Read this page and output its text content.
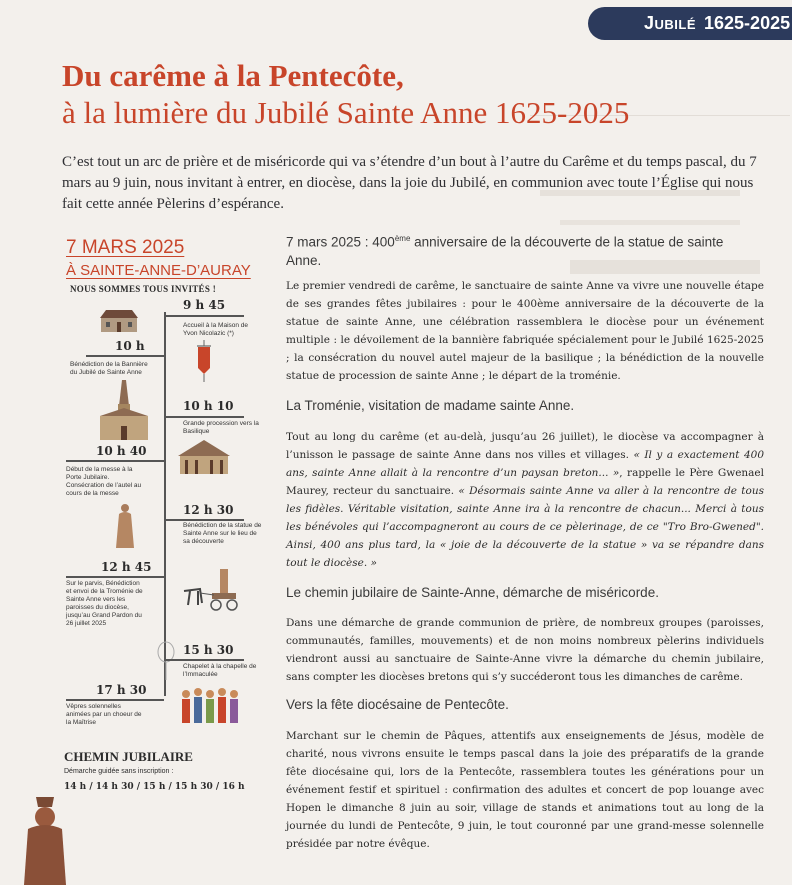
Jubilé 1625-2025
Du carême à la Pentecôte,
à la lumière du Jubilé Sainte Anne 1625-2025
C’est tout un arc de prière et de miséricorde qui va s’étendre d’un bout à l’autre du Carême et du temps pascal, du 7 mars au 9 juin, nous invitant à entrer, en diocèse, dans la joie du Jubilé, en communion avec toute l’Église qui nous fait cette année Pèlerins d’espérance.
7 MARS 2025
À SAINTE-ANNE-D’AURAY
NOUS SOMMES TOUS INVITÉS !
9 h 45
Accueil à la Maison de Yvon Nicolazic (*)
10 h
Bénédiction de la Bannière du Jubilé de Sainte Anne
10 h 10
Grande procession vers la Basilique
10 h 40
Début de la messe à la Porte Jubilaire. Consécration de l’autel au cours de la messe
12 h 30
Bénédiction de la statue de Sainte Anne sur le lieu de sa découverte
12 h 45
Sur le parvis, Bénédiction et envoi de la Troménie de Sainte Anne vers les paroisses du diocèse, jusqu’au Grand Pardon du 26 juillet 2025
15 h 30
Chapelet à la chapelle de l’Immaculée
17 h 30
Vêpres solennelles animées par un choeur de la Maîtrise
CHEMIN JUBILAIRE
Démarche guidée sans inscription :
14 h / 14 h 30 / 15 h / 15 h 30 / 16 h
7 mars 2025 : 400ème anniversaire de la découverte de la statue de sainte Anne.
Le premier vendredi de carême, le sanctuaire de sainte Anne va vivre une nouvelle étape de ses grandes fêtes jubilaires : pour le 400ème anniversaire de la découverte de la statue de sainte Anne, une célébration rassemblera le diocèse pour un événement multiple : le dévoilement de la bannière fabriquée spécialement pour le Jubilé 1625-2025 ; la consécration du nouvel autel majeur de la basilique ; la bénédiction de la nouvelle statue de procession de sainte Anne ; le départ de la troménie.
La Troménie, visitation de madame sainte Anne.
Tout au long du carême (et au-delà, jusqu’au 26 juillet), le diocèse va accompagner à l’unisson le passage de sainte Anne dans nos villes et villages. « Il y a exactement 400 ans, sainte Anne allait à la rencontre d’un paysan breton... », rappelle le Père Gwenael Maurey, recteur du sanctuaire. « Désormais sainte Anne va aller à la rencontre de tous les fidèles. Véritable visitation, sainte Anne ira à la rencontre de chacun... Merci à tous les bénévoles qui l’accompagneront au cours de ce pèlerinage, de ce "Tro Bro-Gwened". Ainsi, 400 ans plus tard, la « joie de la découverte de la statue » va se répandre dans tout le diocèse. »
Le chemin jubilaire de Sainte-Anne, démarche de miséricorde.
Dans une démarche de grande communion de prière, de nombreux groupes (paroisses, communautés, familles, mouvements) et de non moins nombreux pèlerins individuels viendront aussi au sanctuaire de Sainte-Anne vivre la démarche du chemin jubilaire, sans compter les diocèses bretons qui s’y succéderont tous les dimanches de carême.
Vers la fête diocésaine de Pentecôte.
Marchant sur le chemin de Pâques, attentifs aux enseignements de Jésus, modèle de charité, nous vivrons ensuite le temps pascal dans la joie des préparatifs de la grande fête diocésaine qui, lors de la Pentecôte, rassemblera toutes les générations pour un événement festif et spirituel : confirmation des adultes et concert de pop louange avec Hopen le dimanche 8 juin au soir, village de stands et animations tout au long de la journée du lundi de Pentecôte, 9 juin, le tout couronné par une grand-messe solennelle présidée par notre évêque.
